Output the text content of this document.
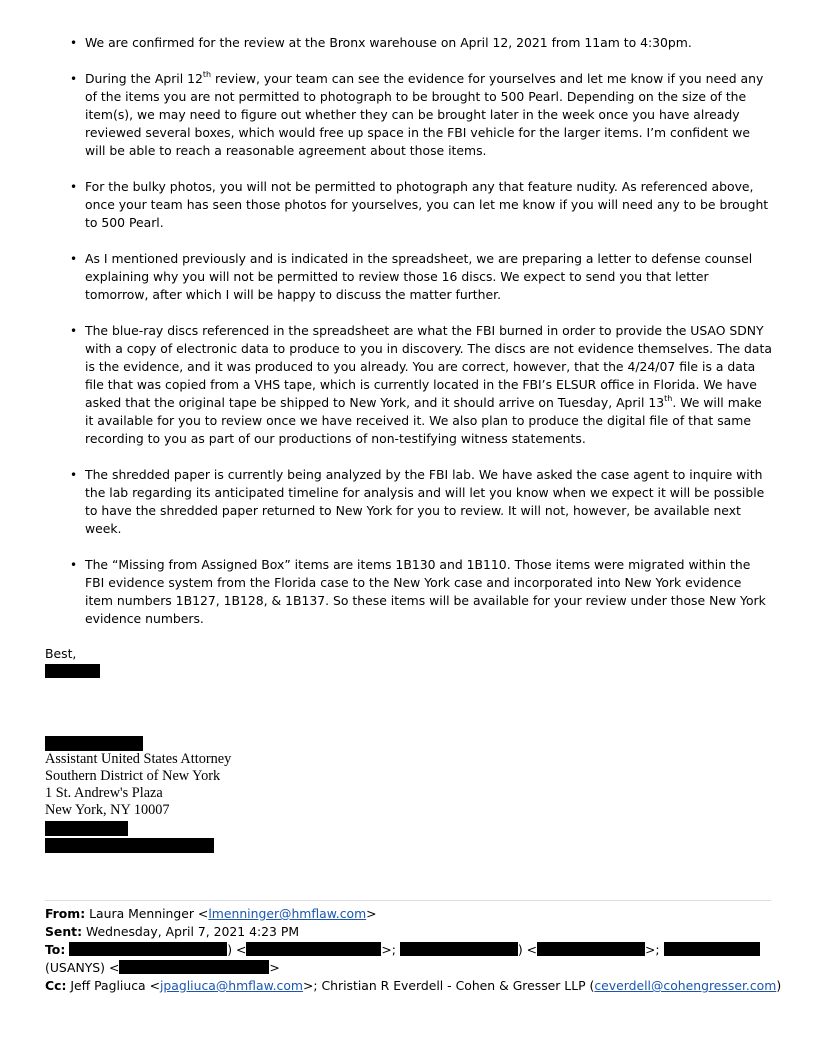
• We are confirmed for the review at the Bronx warehouse on April 12, 2021 from 11am to 4:30pm.
• During the April 12th review, your team can see the evidence for yourselves and let me know if you need any of the items you are not permitted to photograph to be brought to 500 Pearl. Depending on the size of the item(s), we may need to figure out whether they can be brought later in the week once you have already reviewed several boxes, which would free up space in the FBI vehicle for the larger items. I’m confident we will be able to reach a reasonable agreement about those items.
• For the bulky photos, you will not be permitted to photograph any that feature nudity. As referenced above, once your team has seen those photos for yourselves, you can let me know if you will need any to be brought to 500 Pearl.
• As I mentioned previously and is indicated in the spreadsheet, we are preparing a letter to defense counsel explaining why you will not be permitted to review those 16 discs. We expect to send you that letter tomorrow, after which I will be happy to discuss the matter further.
• The blue-ray discs referenced in the spreadsheet are what the FBI burned in order to provide the USAO SDNY with a copy of electronic data to produce to you in discovery. The discs are not evidence themselves. The data is the evidence, and it was produced to you already. You are correct, however, that the 4/24/07 file is a data file that was copied from a VHS tape, which is currently located in the FBI’s ELSUR office in Florida. We have asked that the original tape be shipped to New York, and it should arrive on Tuesday, April 13th. We will make it available for you to review once we have received it. We also plan to produce the digital file of that same recording to you as part of our productions of non-testifying witness statements.
• The shredded paper is currently being analyzed by the FBI lab. We have asked the case agent to inquire with the lab regarding its anticipated timeline for analysis and will let you know when we expect it will be possible to have the shredded paper returned to New York for you to review. It will not, however, be available next week.
• The “Missing from Assigned Box” items are items 1B130 and 1B110. Those items were migrated within the FBI evidence system from the Florida case to the New York case and incorporated into New York evidence item numbers 1B127, 1B128, & 1B137. So these items will be available for your review under those New York evidence numbers.
Best,
Assistant United States Attorney
Southern District of New York
1 St. Andrew's Plaza
New York, NY 10007
From: Laura Menninger <lmenninger@hmflaw.com>
Sent: Wednesday, April 7, 2021 4:23 PM
To:	) <	>;	) <	>;
(USANYS) <	>
Cc: Jeff Pagliuca <jpagliuca@hmflaw.com>; Christian R Everdell - Cohen & Gresser LLP (ceverdell@cohengresser.com)
